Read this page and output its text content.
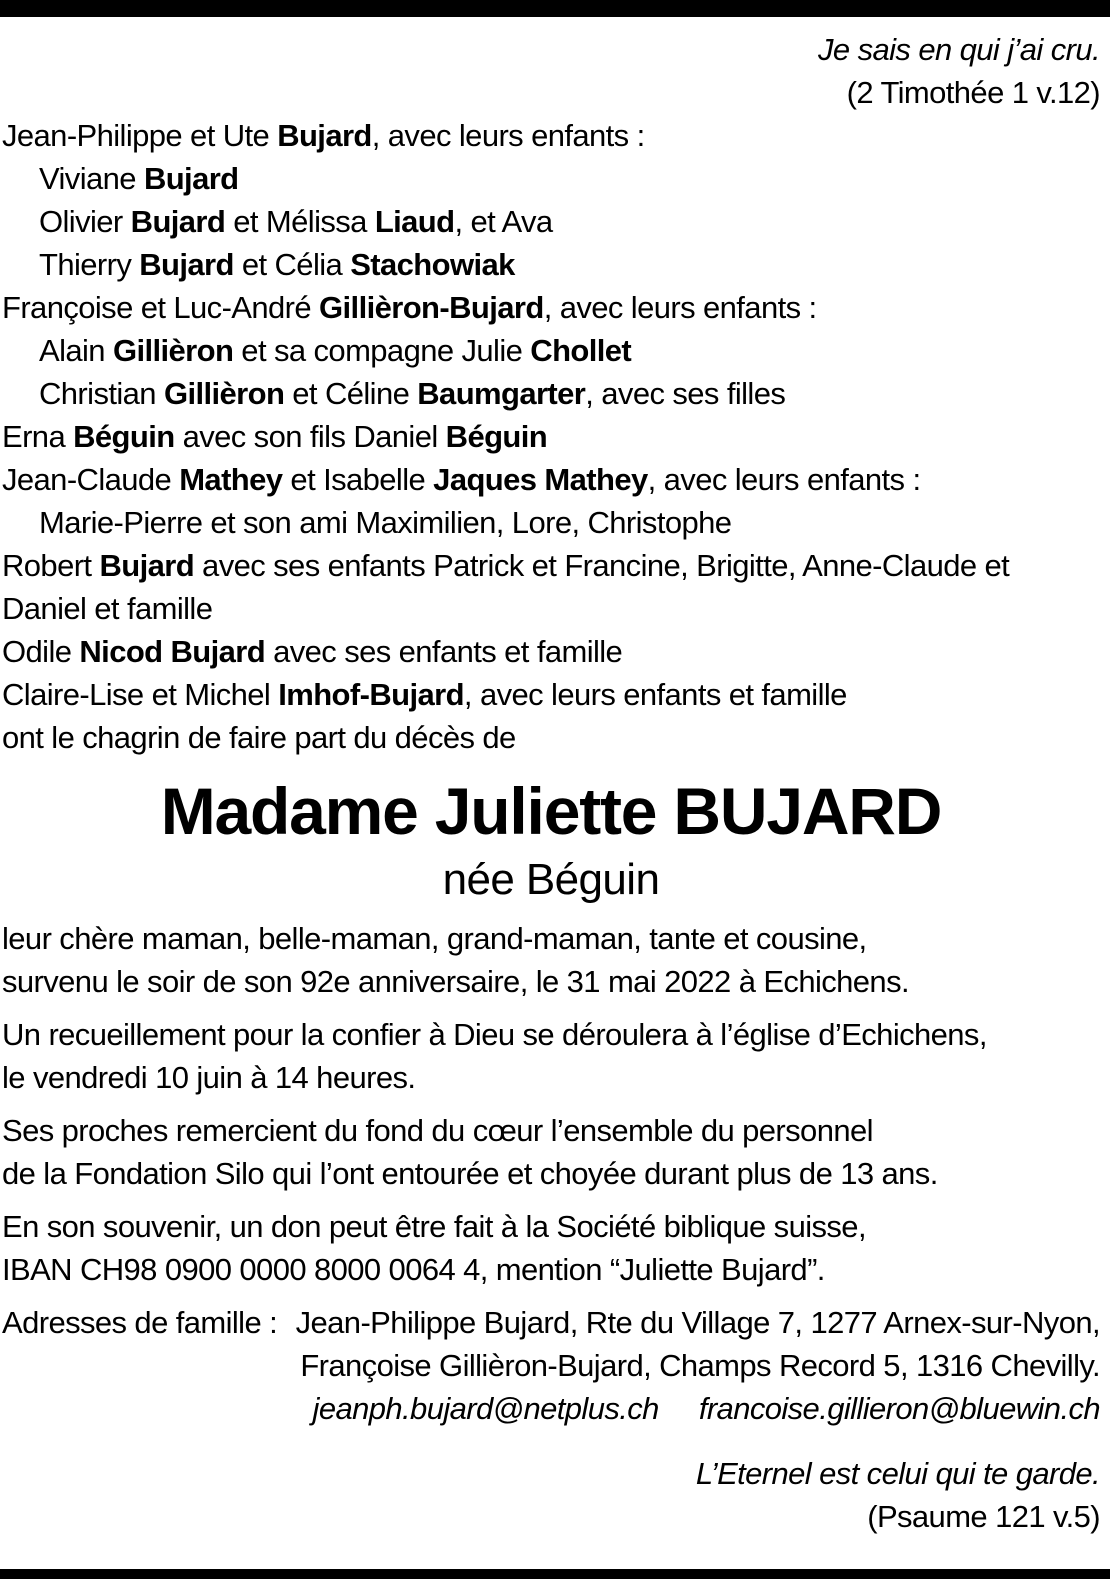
Je sais en qui j’ai cru.
(2 Timothée 1 v.12)
Jean-Philippe et Ute Bujard, avec leurs enfants :
Viviane Bujard
Olivier Bujard et Mélissa Liaud, et Ava
Thierry Bujard et Célia Stachowiak
Françoise et Luc-André Gillièron-Bujard, avec leurs enfants :
Alain Gillièron et sa compagne Julie Chollet
Christian Gillièron et Céline Baumgarter, avec ses filles
Erna Béguin avec son fils Daniel Béguin
Jean-Claude Mathey et Isabelle Jaques Mathey, avec leurs enfants :
Marie-Pierre et son ami Maximilien, Lore, Christophe
Robert Bujard avec ses enfants Patrick et Francine, Brigitte, Anne-Claude et Daniel et famille
Odile Nicod Bujard avec ses enfants et famille
Claire-Lise et Michel Imhof-Bujard, avec leurs enfants et famille
ont le chagrin de faire part du décès de
Madame Juliette BUJARD
née Béguin
leur chère maman, belle-maman, grand-maman, tante et cousine,
survenu le soir de son 92e anniversaire, le 31 mai 2022 à Echichens.
Un recueillement pour la confier à Dieu se déroulera à l’église d’Echichens,
le vendredi 10 juin à 14 heures.
Ses proches remercient du fond du cœur l’ensemble du personnel
de la Fondation Silo qui l’ont entourée et choyée durant plus de 13 ans.
En son souvenir, un don peut être fait à la Société biblique suisse,
IBAN CH98 0900 0000 8000 0064 4, mention “Juliette Bujard”.
Adresses de famille : Jean-Philippe Bujard, Rte du Village 7, 1277 Arnex-sur-Nyon,
Françoise Gillièron-Bujard, Champs Record 5, 1316 Chevilly.
jeanph.bujard@netplus.ch francoise.gillieron@bluewin.ch
L’Eternel est celui qui te garde.
(Psaume 121 v.5)
